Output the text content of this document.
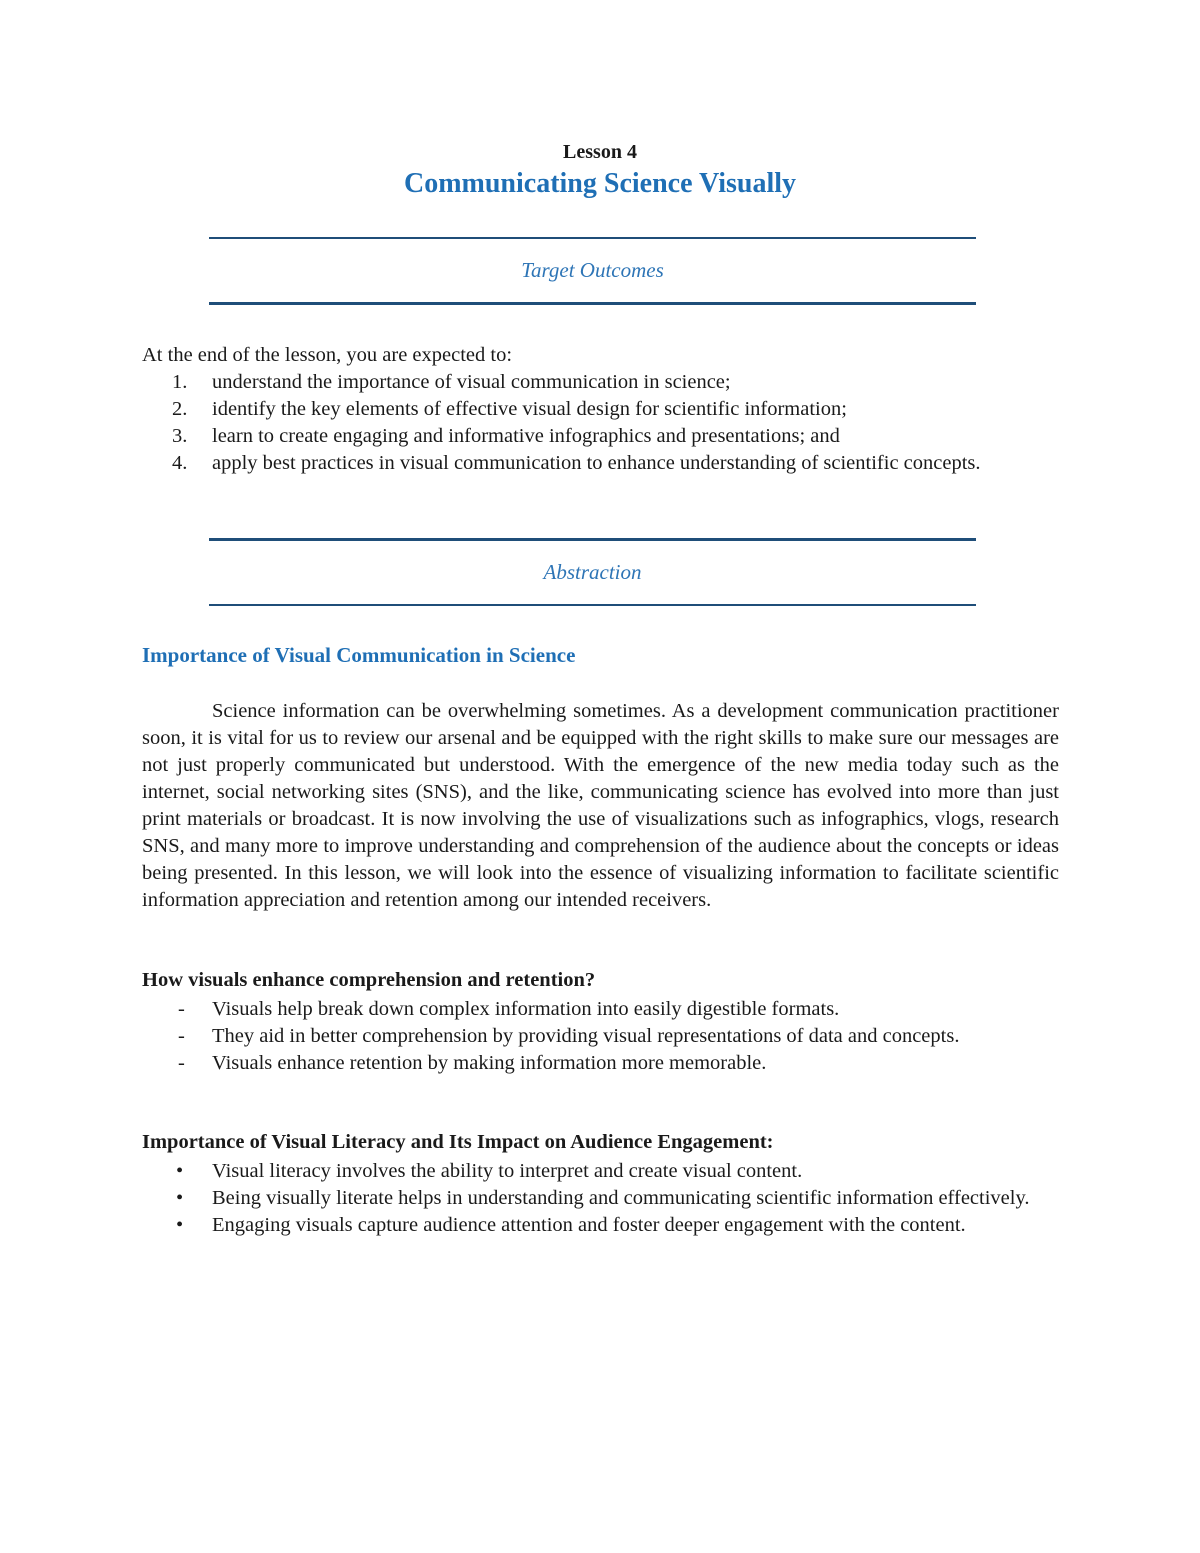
Lesson 4
Communicating Science Visually
Target Outcomes
At the end of the lesson, you are expected to:
1. understand the importance of visual communication in science;
2. identify the key elements of effective visual design for scientific information;
3. learn to create engaging and informative infographics and presentations; and
4. apply best practices in visual communication to enhance understanding of scientific concepts.
Abstraction
Importance of Visual Communication in Science
Science information can be overwhelming sometimes. As a development communication practitioner soon, it is vital for us to review our arsenal and be equipped with the right skills to make sure our messages are not just properly communicated but understood. With the emergence of the new media today such as the internet, social networking sites (SNS), and the like, communicating science has evolved into more than just print materials or broadcast. It is now involving the use of visualizations such as infographics, vlogs, research SNS, and many more to improve understanding and comprehension of the audience about the concepts or ideas being presented. In this lesson, we will look into the essence of visualizing information to facilitate scientific information appreciation and retention among our intended receivers.
How visuals enhance comprehension and retention?
- Visuals help break down complex information into easily digestible formats.
- They aid in better comprehension by providing visual representations of data and concepts.
- Visuals enhance retention by making information more memorable.
Importance of Visual Literacy and Its Impact on Audience Engagement:
• Visual literacy involves the ability to interpret and create visual content.
• Being visually literate helps in understanding and communicating scientific information effectively.
• Engaging visuals capture audience attention and foster deeper engagement with the content.
